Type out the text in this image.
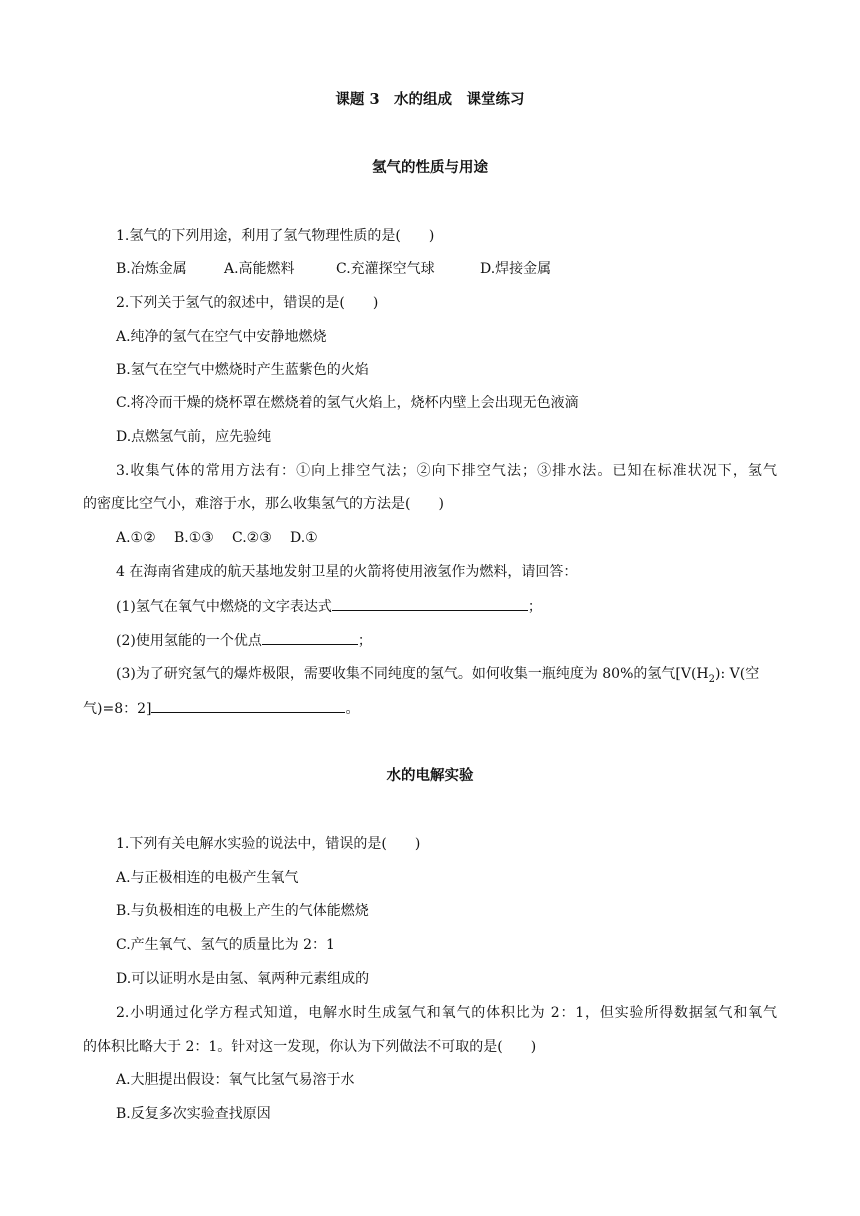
课题 3　水的组成　课堂练习
氢气的性质与用途
1.氢气的下列用途，利用了氢气物理性质的是(　　)
B.冶炼金属	A.高能燃料	C.充灌探空气球	D.焊接金属
2.下列关于氢气的叙述中，错误的是(　　)
A.纯净的氢气在空气中安静地燃烧
B.氢气在空气中燃烧时产生蓝紫色的火焰
C.将冷而干燥的烧杯罩在燃烧着的氢气火焰上，烧杯内壁上会出现无色液滴
D.点燃氢气前，应先验纯
3.收集气体的常用方法有：①向上排空气法；②向下排空气法；③排水法。已知在标准状况下，氢气
的密度比空气小，难溶于水，那么收集氢气的方法是(　　)
A.①② B.①③ C.②③ D.①
4 在海南省建成的航天基地发射卫星的火箭将使用液氢作为燃料，请回答：
(1)氢气在氧气中燃烧的文字表达式	；
(2)使用氢能的一个优点	；
(3)为了研究氢气的爆炸极限，需要收集不同纯度的氢气。如何收集一瓶纯度为 80%的氢气[$V(H_2)$: V(空
气)=8：2]	。
水的电解实验
1.下列有关电解水实验的说法中，错误的是(　　)
A.与正极相连的电极产生氧气
B.与负极相连的电极上产生的气体能燃烧
C.产生氧气、氢气的质量比为 2：1
D.可以证明水是由氢、氧两种元素组成的
2.小明通过化学方程式知道，电解水时生成氢气和氧气的体积比为 2：1，但实验所得数据氢气和氧气
的体积比略大于 2：1。针对这一发现，你认为下列做法不可取的是(　　)
A.大胆提出假设：氧气比氢气易溶于水
B.反复多次实验查找原因
